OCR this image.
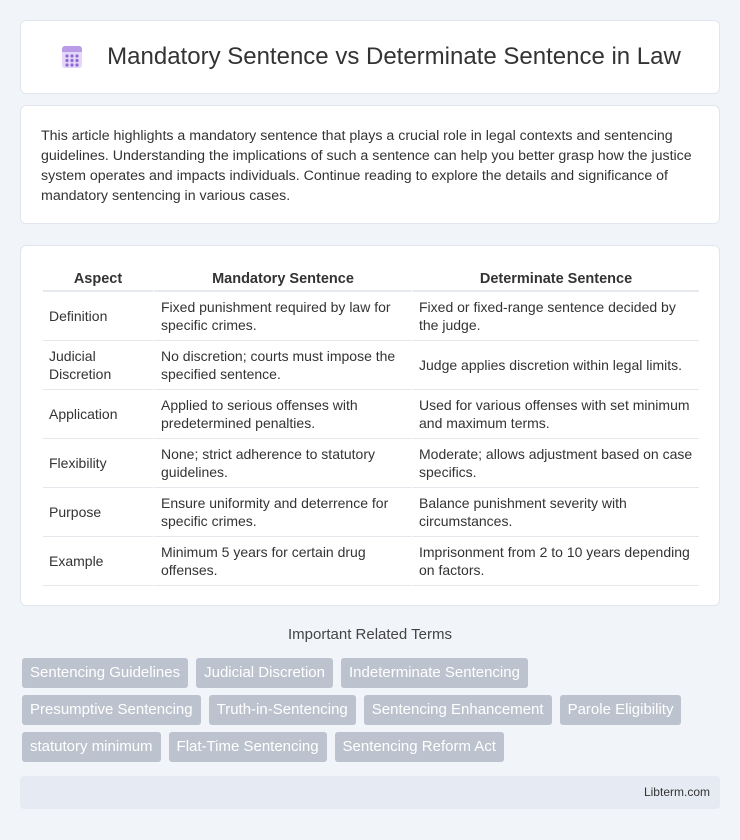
Mandatory Sentence vs Determinate Sentence in Law

This article highlights a mandatory sentence that plays a crucial role in legal contexts and sentencing guidelines. Understanding the implications of such a sentence can help you better grasp how the justice system operates and impacts individuals. Continue reading to explore the details and significance of mandatory sentencing in various cases.

Aspect	Mandatory Sentence	Determinate Sentence
Definition	Fixed punishment required by law for specific crimes.	Fixed or fixed-range sentence decided by the judge.
Judicial Discretion	No discretion; courts must impose the specified sentence.	Judge applies discretion within legal limits.
Application	Applied to serious offenses with predetermined penalties.	Used for various offenses with set minimum and maximum terms.
Flexibility	None; strict adherence to statutory guidelines.	Moderate; allows adjustment based on case specifics.
Purpose	Ensure uniformity and deterrence for specific crimes.	Balance punishment severity with circumstances.
Example	Minimum 5 years for certain drug offenses.	Imprisonment from 2 to 10 years depending on factors.
Important Related Terms
Sentencing Guidelines	Judicial Discretion	Indeterminate Sentencing
Presumptive Sentencing	Truth-in-Sentencing	Sentencing Enhancement	Parole Eligibility
statutory minimum	Flat-Time Sentencing	Sentencing Reform Act
Libterm.com
